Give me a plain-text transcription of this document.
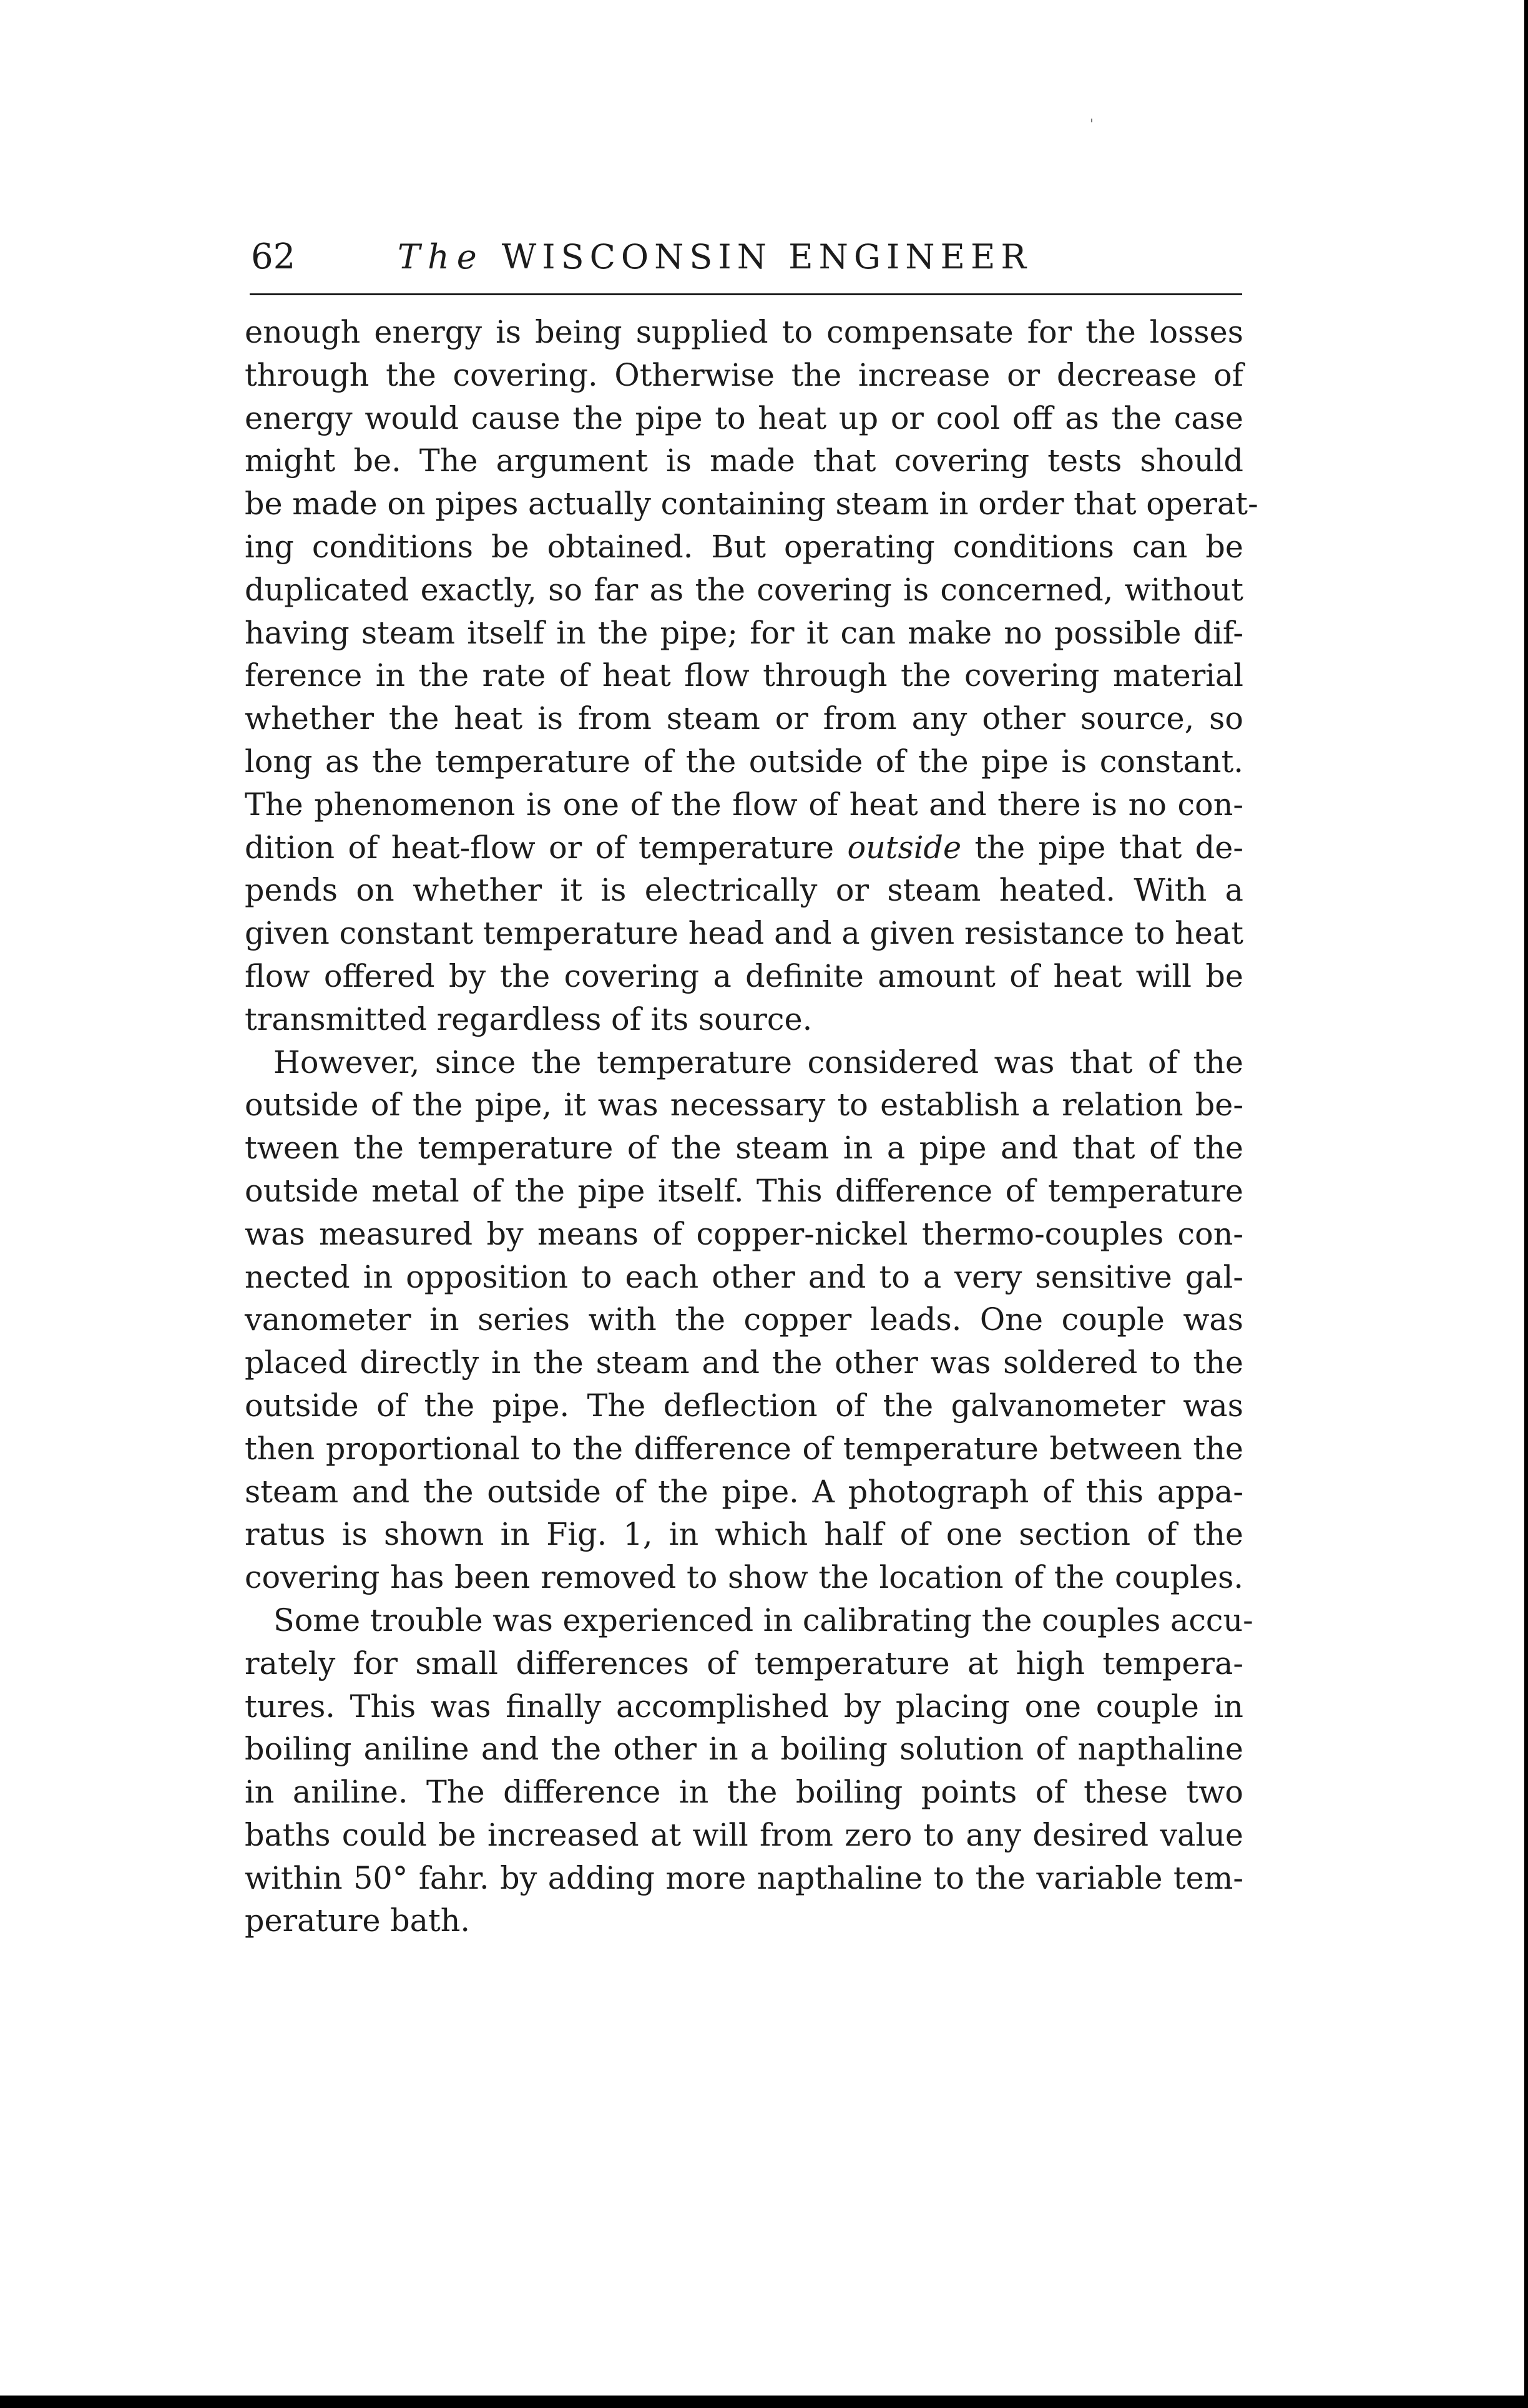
62	The WISCONSIN ENGINEER
enough energy is being supplied to compensate for the losses
through the covering. Otherwise the increase or decrease of
energy would cause the pipe to heat up or cool off as the case
might be. The argument is made that covering tests should
be made on pipes actually containing steam in order that operat-
ing conditions be obtained. But operating conditions can be
duplicated exactly, so far as the covering is concerned, without
having steam itself in the pipe; for it can make no possible dif-
ference in the rate of heat flow through the covering material
whether the heat is from steam or from any other source, so
long as the temperature of the outside of the pipe is constant.
The phenomenon is one of the flow of heat and there is no con-
dition of heat-flow or of temperature outside the pipe that de-
pends on whether it is electrically or steam heated. With a
given constant temperature head and a given resistance to heat
flow offered by the covering a definite amount of heat will be
transmitted regardless of its source.
However, since the temperature considered was that of the
outside of the pipe, it was necessary to establish a relation be-
tween the temperature of the steam in a pipe and that of the
outside metal of the pipe itself. This difference of temperature
was measured by means of copper-nickel thermo-couples con-
nected in opposition to each other and to a very sensitive gal-
vanometer in series with the copper leads. One couple was
placed directly in the steam and the other was soldered to the
outside of the pipe. The deflection of the galvanometer was
then proportional to the difference of temperature between the
steam and the outside of the pipe. A photograph of this appa-
ratus is shown in Fig. 1, in which half of one section of the
covering has been removed to show the location of the couples.
Some trouble was experienced in calibrating the couples accu-
rately for small differences of temperature at high tempera-
tures. This was finally accomplished by placing one couple in
boiling aniline and the other in a boiling solution of napthaline
in aniline. The difference in the boiling points of these two
baths could be increased at will from zero to any desired value
within 50° fahr. by adding more napthaline to the variable tem-
perature bath.
